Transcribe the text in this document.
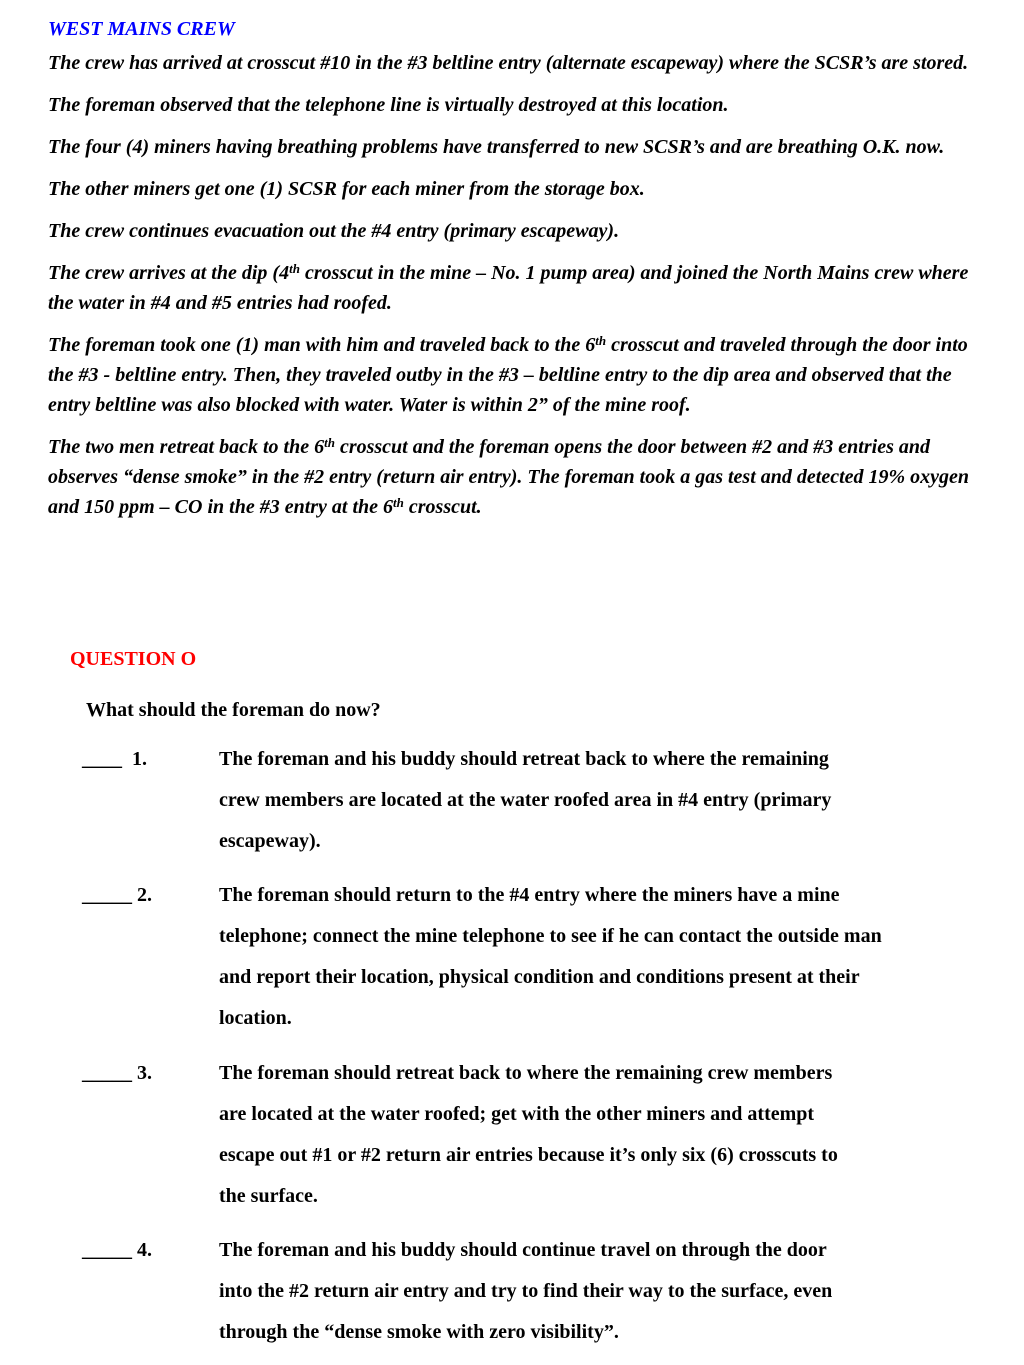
WEST MAINS CREW

The crew has arrived at crosscut #10 in the #3 beltline entry (alternate escapeway) where the SCSR’s are stored.

The foreman observed that the telephone line is virtually destroyed at this location.

The four (4) miners having breathing problems have transferred to new SCSR’s and are breathing O.K. now.

The other miners get one (1) SCSR for each miner from the storage box.

The crew continues evacuation out the #4 entry (primary escapeway).

The crew arrives at the dip (4th crosscut in the mine – No. 1 pump area) and joined the North Mains crew where the water in #4 and #5 entries had roofed.

The foreman took one (1) man with him and traveled back to the 6th crosscut and traveled through the door into the #3 - beltline entry. Then, they traveled outby in the #3 – beltline entry to the dip area and observed that the entry beltline was also blocked with water. Water is within 2” of the mine roof.

The two men retreat back to the 6th crosscut and the foreman opens the door between #2 and #3 entries and observes “dense smoke” in the #2 entry (return air entry). The foreman took a gas test and detected 19% oxygen and 150 ppm – CO in the #3 entry at the 6th crosscut.

QUESTION O
What should the foreman do now?
____  1.	The foreman and his buddy should retreat back to where the remaining
crew members are located at the water roofed area in #4 entry (primary
escapeway).
_____ 2.	The foreman should return to the #4 entry where the miners have a mine
telephone; connect the mine telephone to see if he can contact the outside man
and report their location, physical condition and conditions present at their
location.
_____ 3.	The foreman should retreat back to where the remaining crew members
are located at the water roofed; get with the other miners and attempt
escape out #1 or #2 return air entries because it’s only six (6) crosscuts to
the surface.
_____ 4.	The foreman and his buddy should continue travel on through the door
into the #2 return air entry and try to find their way to the surface, even
through the “dense smoke with zero visibility”.
